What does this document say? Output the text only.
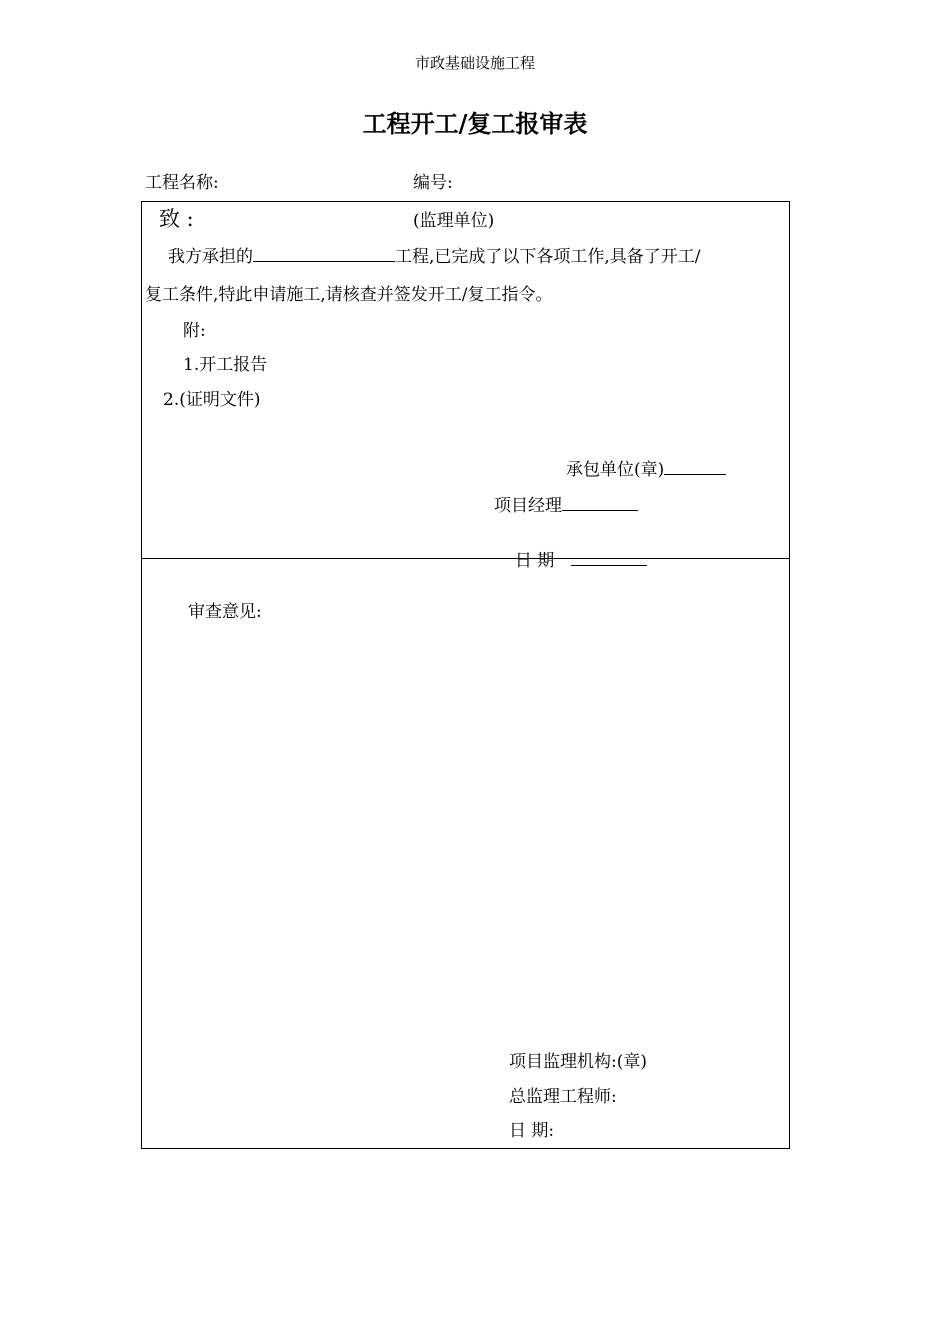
市政基础设施工程
工程开工/复工报审表
工程名称:	编号:
致 :	(监理单位)
我方承担的	工程,已完成了以下各项工作,具备了开工/
复工条件,特此申请施工,请核查并签发开工/复工指令。
附:
1.开工报告
2.(证明文件)
承包单位(章)
项目经理

日 期

审查意见:
项目监理机构:(章)
总监理工程师:
日 期:
